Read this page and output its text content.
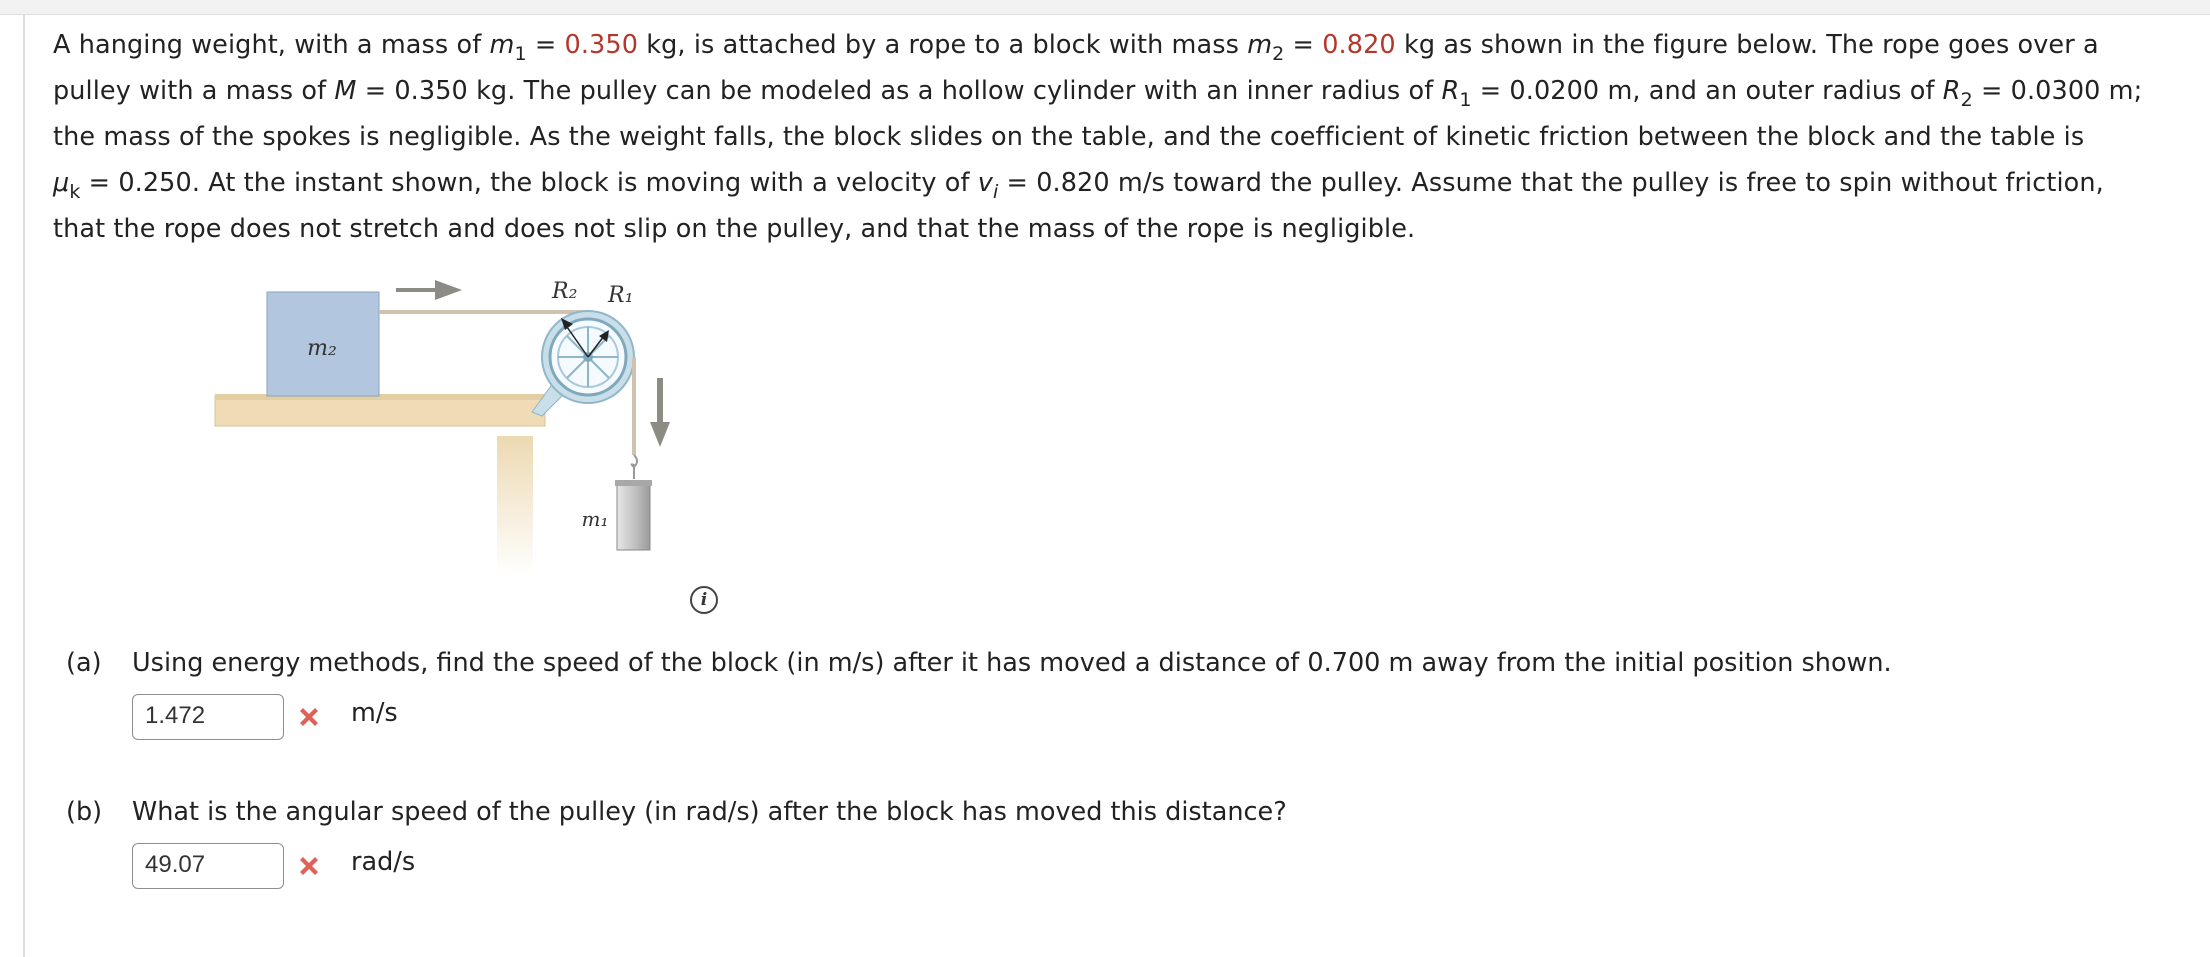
A hanging weight, with a mass of $m_1 = 0.350$ kg, is attached by a rope to a block with mass $m_2 = 0.820$ kg as shown in the figure below. The rope goes over a
pulley with a mass of M = 0.350 kg. The pulley can be modeled as a hollow cylinder with an inner radius of $R_1 = 0.0200$ m, and an outer radius of $R_2 = 0.0300$ m;
the mass of the spokes is negligible. As the weight falls, the block slides on the table, and the coefficient of kinetic friction between the block and the table is
$\mu_k = 0.250$. At the instant shown, the block is moving with a velocity of $v_i = 0.820$ m/s toward the pulley. Assume that the pulley is free to spin without friction,
that the rope does not stretch and does not slip on the pulley, and that the mass of the rope is negligible.
m₂
R₂ R₁
m₁
i
(a) Using energy methods, find the speed of the block (in m/s) after it has moved a distance of 0.700 m away from the initial position shown.
1.472	m/s
(b) What is the angular speed of the pulley (in rad/s) after the block has moved this distance?
49.07	rad/s
